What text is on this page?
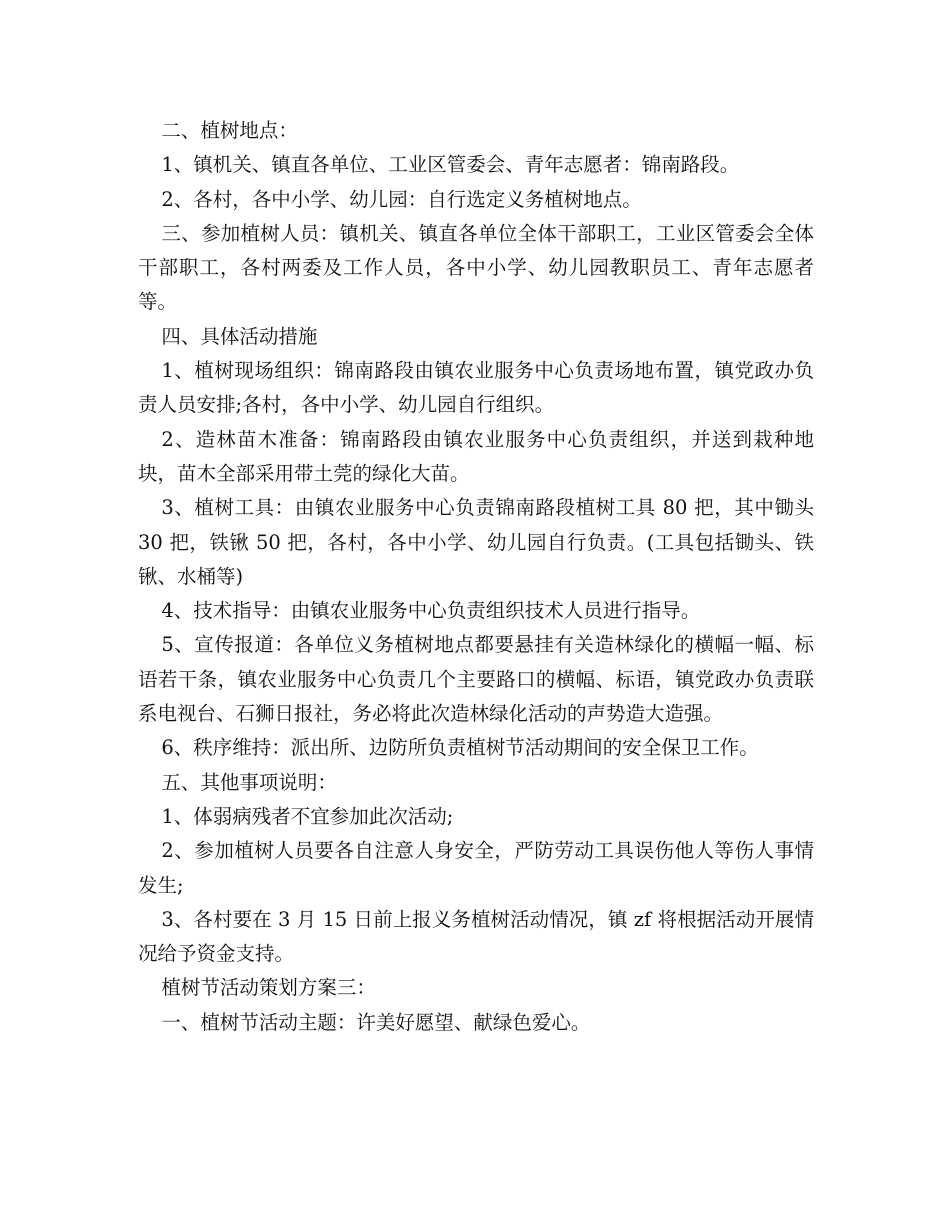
二、植树地点：

1、镇机关、镇直各单位、工业区管委会、青年志愿者：锦南路段。

2、各村，各中小学、幼儿园：自行选定义务植树地点。

三、参加植树人员：镇机关、镇直各单位全体干部职工，工业区管委会全体干部职工，各村两委及工作人员，各中小学、幼儿园教职员工、青年志愿者等。

四、具体活动措施

1、植树现场组织：锦南路段由镇农业服务中心负责场地布置，镇党政办负责人员安排;各村，各中小学、幼儿园自行组织。

2、造林苗木准备：锦南路段由镇农业服务中心负责组织，并送到栽种地块，苗木全部采用带土莞的绿化大苗。

3、植树工具：由镇农业服务中心负责锦南路段植树工具 80 把，其中锄头 30 把，铁锹 50 把，各村，各中小学、幼儿园自行负责。(工具包括锄头、铁锹、水桶等)

4、技术指导：由镇农业服务中心负责组织技术人员进行指导。

5、宣传报道：各单位义务植树地点都要悬挂有关造林绿化的横幅一幅、标语若干条，镇农业服务中心负责几个主要路口的横幅、标语，镇党政办负责联系电视台、石狮日报社，务必将此次造林绿化活动的声势造大造强。

6、秩序维持：派出所、边防所负责植树节活动期间的安全保卫工作。

五、其他事项说明：

1、体弱病残者不宜参加此次活动;

2、参加植树人员要各自注意人身安全，严防劳动工具误伤他人等伤人事情发生;

3、各村要在 3 月 15 日前上报义务植树活动情况，镇 zf 将根据活动开展情况给予资金支持。

植树节活动策划方案三：

一、植树节活动主题：许美好愿望、献绿色爱心。
